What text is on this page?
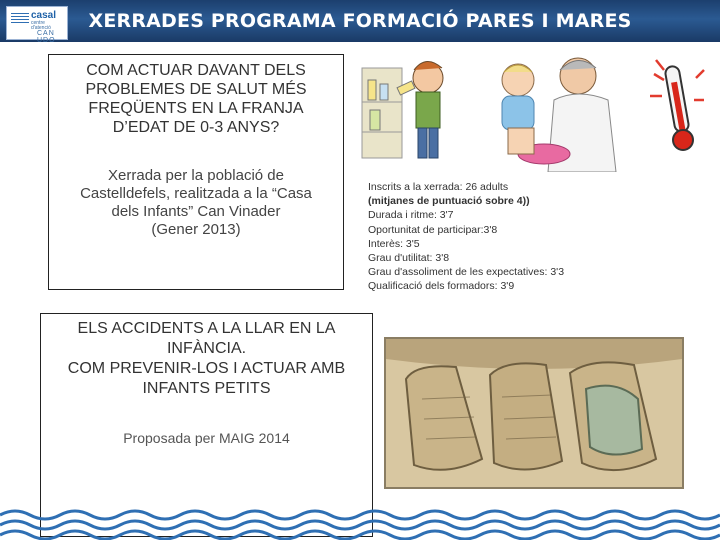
casal
centre d'atenció
CAN UDO
XERRADES PROGRAMA FORMACIÓ PARES I MARES
COM ACTUAR DAVANT DELS
PROBLEMES DE SALUT MÉS
FREQÜENTS EN LA FRANJA
D’EDAT DE 0-3 ANYS?
Xerrada per la població de
Castelldefels, realitzada a la “Casa
dels Infants” Can Vinader
(Gener 2013)
Inscrits a la xerrada: 26 adults
(mitjanes de puntuació sobre 4))
Durada i ritme: 3'7
Oportunitat de participar:3'8
Interès: 3'5
Grau d'utilitat: 3'8
Grau d'assoliment de les expectatives: 3'3
Qualificació dels formadors: 3'9
ELS ACCIDENTS A LA LLAR EN LA
INFÀNCIA.
COM PREVENIR-LOS I ACTUAR AMB
INFANTS PETITS
Proposada per MAIG 2014
